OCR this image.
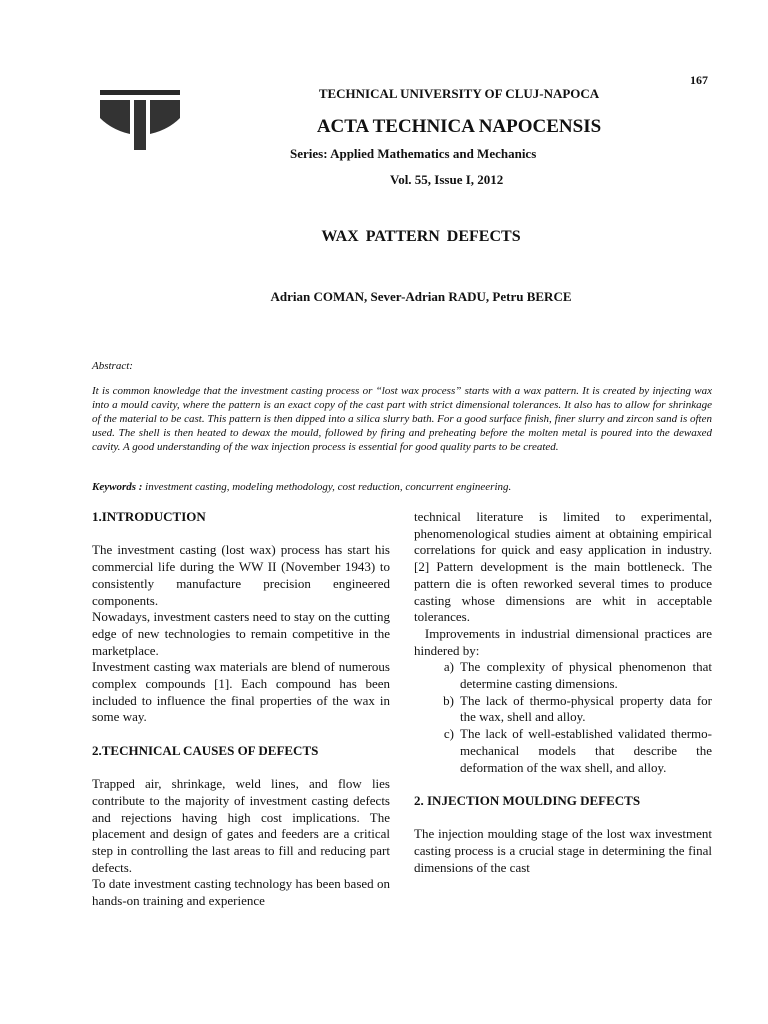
167
TECHNICAL UNIVERSITY OF CLUJ-NAPOCA
ACTA TECHNICA NAPOCENSIS
Series: Applied Mathematics and Mechanics
Vol. 55, Issue I, 2012
WAX PATTERN DEFECTS
Adrian COMAN, Sever-Adrian RADU, Petru BERCE
Abstract:
It is common knowledge that the investment casting process or “lost wax process” starts with a wax pattern. It is created by injecting wax into a mould cavity, where the pattern is an exact copy of the cast part with strict dimensional tolerances. It also has to allow for shrinkage of the material to be cast. This pattern is then dipped into a silica slurry bath. For a good surface finish, finer slurry and zircon sand is often used. The shell is then heated to dewax the mould, followed by firing and preheating before the molten metal is poured into the dewaxed cavity. A good understanding of the wax injection process is essential for good quality parts to be created.
Keywords : investment casting, modeling methodology, cost reduction, concurrent engineering.
1.INTRODUCTION

The investment casting (lost wax) process has start his commercial life during the WW II (November 1943) to consistently manufacture precision engineered components.

Nowadays, investment casters need to stay on the cutting edge of new technologies to remain competitive in the marketplace.

Investment casting wax materials are blend of numerous complex compounds [1]. Each compound has been included to influence the final properties of the wax in some way.

2.TECHNICAL CAUSES OF DEFECTS

Trapped air, shrinkage, weld lines, and flow lies contribute to the majority of investment casting defects and rejections having high cost implications. The placement and design of gates and feeders are a critical step in controlling the last areas to fill and reducing part defects.

To date investment casting technology has been based on hands-on training and experience

technical literature is limited to experimental, phenomenological studies aiment at obtaining empirical correlations for quick and easy application in industry.[2] Pattern development is the main bottleneck. The pattern die is often reworked several times to produce casting whose dimensions are whit in acceptable tolerances.

Improvements in industrial dimensional practices are hindered by:

a) The complexity of physical phenomenon that determine casting dimensions.
b) The lack of thermo-physical property data for the wax, shell and alloy.
c) The lack of well-established validated thermo-mechanical models that describe the deformation of the wax shell, and alloy.
2. INJECTION MOULDING DEFECTS

The injection moulding stage of the lost wax investment casting process is a crucial stage in determining the final dimensions of the cast
